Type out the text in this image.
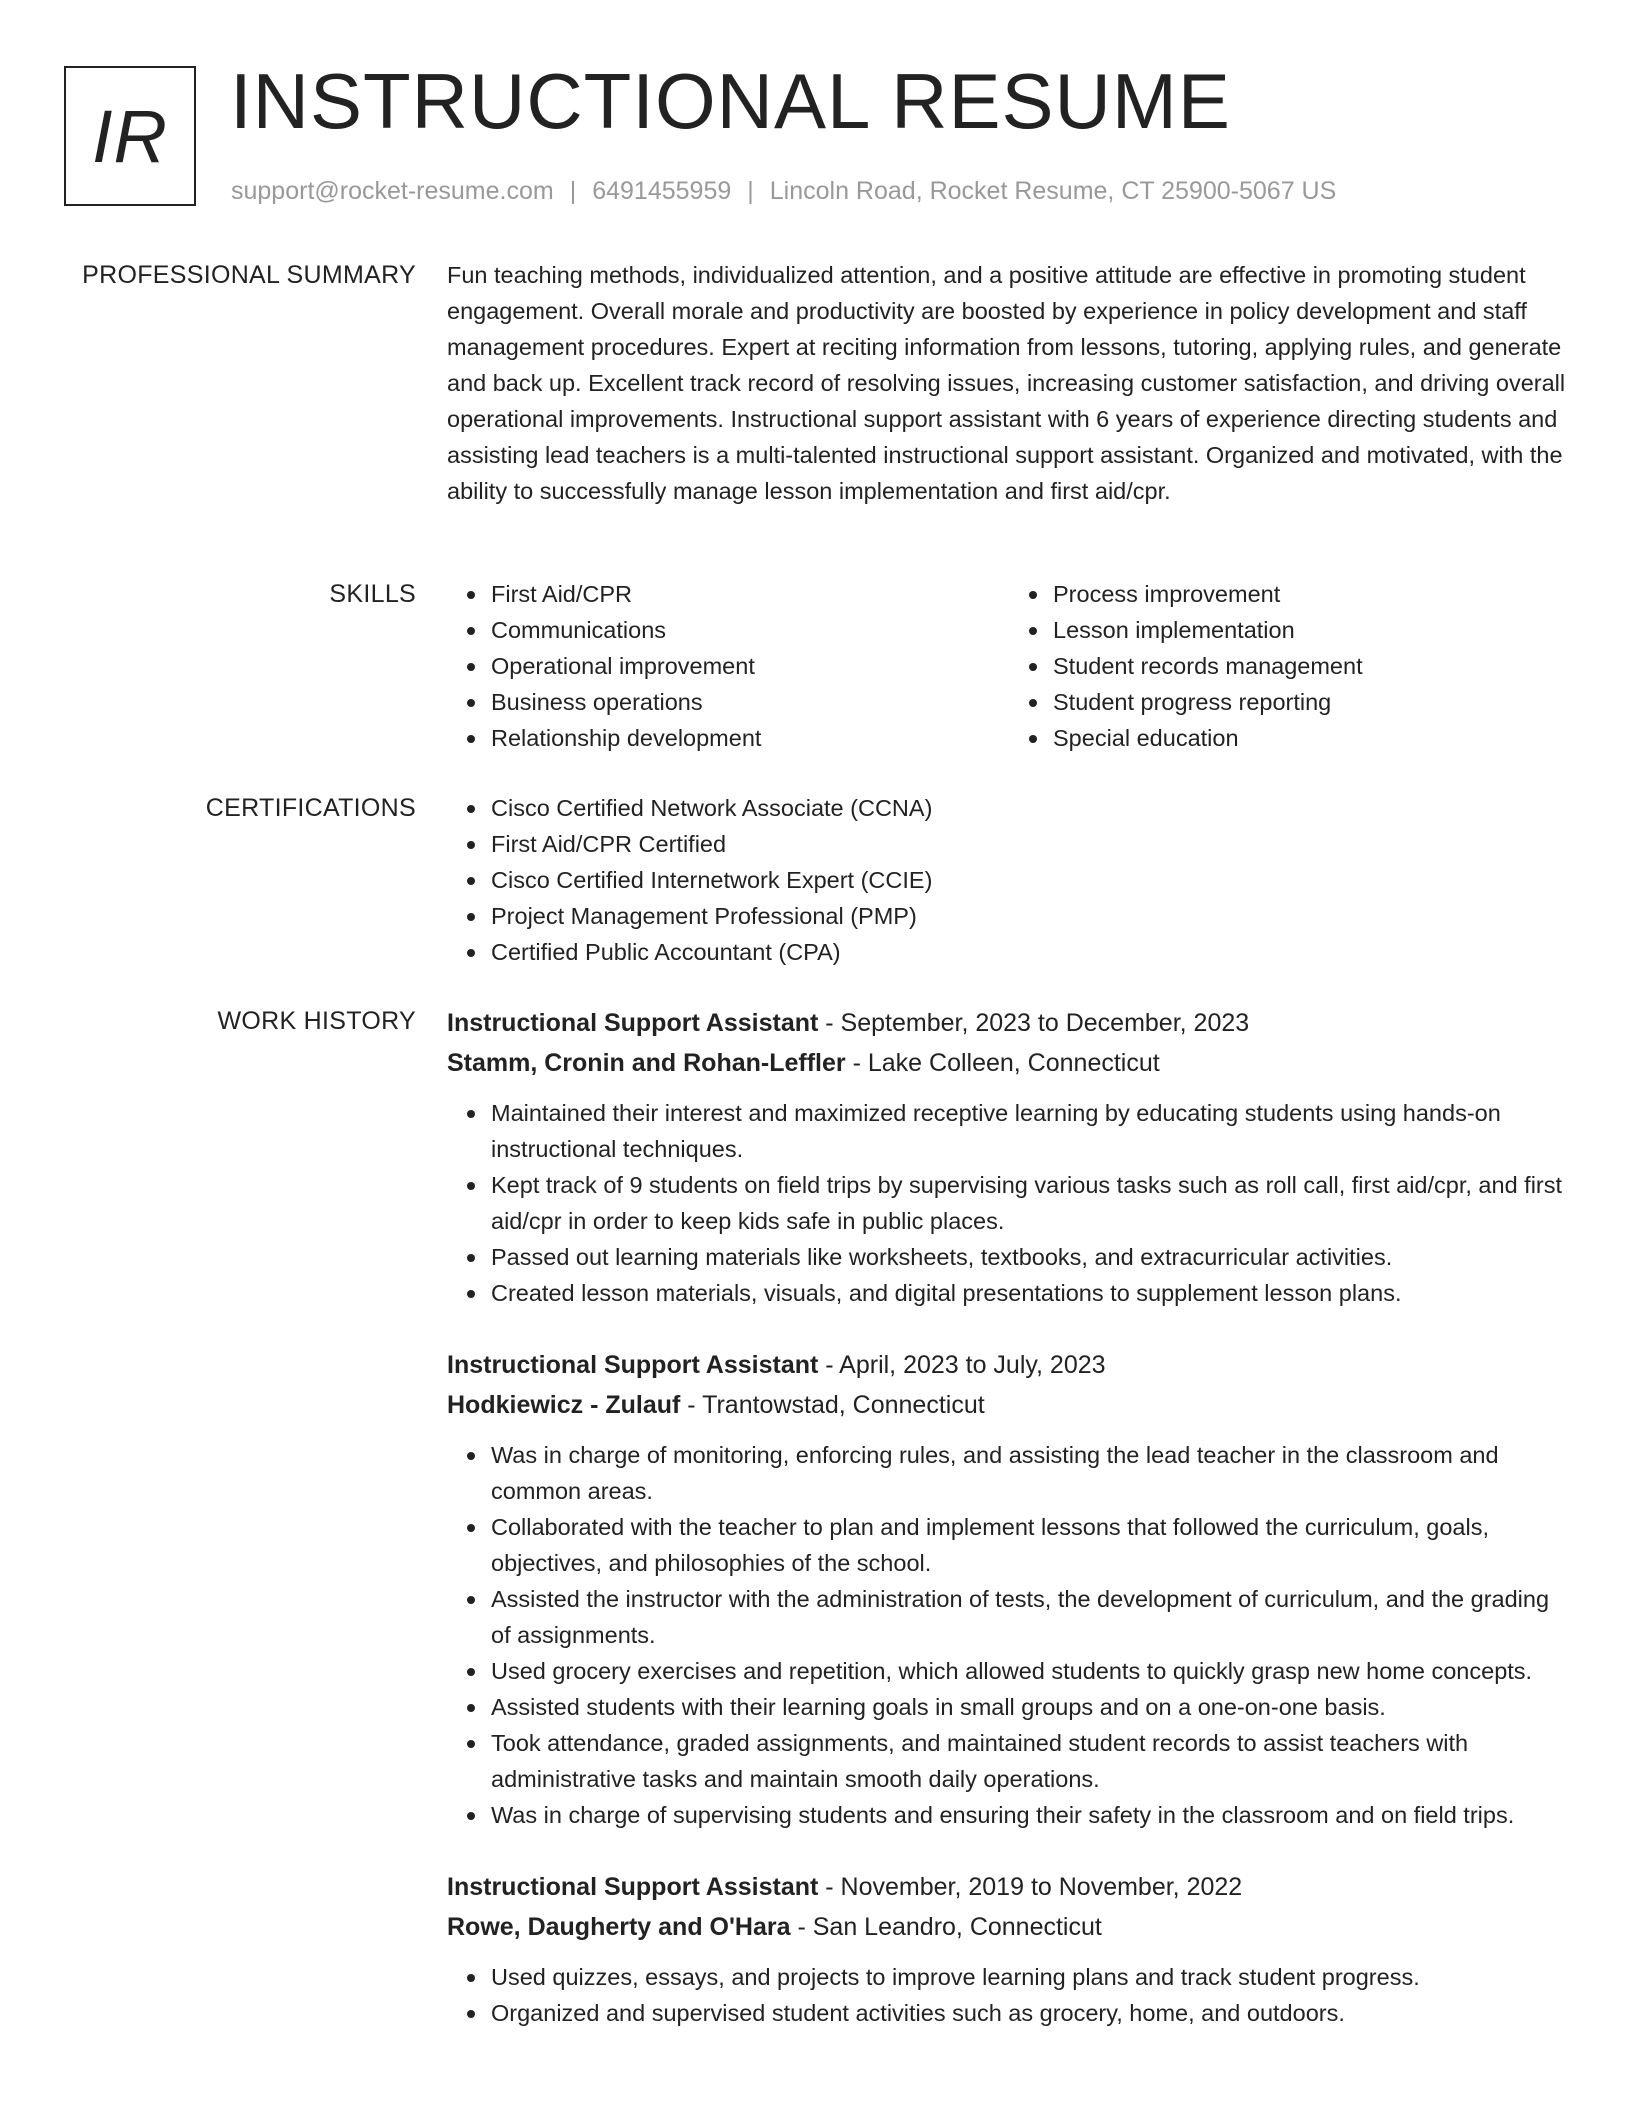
IR INSTRUCTIONAL RESUME
support@rocket-resume.com | 6491455959 | Lincoln Road, Rocket Resume, CT 25900-5067 US
PROFESSIONAL SUMMARY Fun teaching methods, individualized attention, and a positive attitude are effective in promoting student engagement. Overall morale and productivity are boosted by experience in policy development and staff management procedures. Expert at reciting information from lessons, tutoring, applying rules, and generate and back up. Excellent track record of resolving issues, increasing customer satisfaction, and driving overall operational improvements. Instructional support assistant with 6 years of experience directing students and assisting lead teachers is a multi-talented instructional support assistant. Organized and motivated, with the ability to successfully manage lesson implementation and first aid/cpr.

SKILLS	First Aid/CPR
Communications
Operational improvement
Business operations
Relationship development
Process improvement
Lesson implementation
Student records management
Student progress reporting
Special education
CERTIFICATIONS	Cisco Certified Network Associate (CCNA)
First Aid/CPR Certified
Cisco Certified Internetwork Expert (CCIE)
Project Management Professional (PMP)
Certified Public Accountant (CPA)
WORK HISTORY Instructional Support Assistant - September, 2023 to December, 2023
Stamm, Cronin and Rohan-Leffler - Lake Colleen, Connecticut
Maintained their interest and maximized receptive learning by educating students using hands-on instructional techniques.
Kept track of 9 students on field trips by supervising various tasks such as roll call, first aid/cpr, and first aid/cpr in order to keep kids safe in public places.
Passed out learning materials like worksheets, textbooks, and extracurricular activities.
Created lesson materials, visuals, and digital presentations to supplement lesson plans.
Instructional Support Assistant - April, 2023 to July, 2023
Hodkiewicz - Zulauf - Trantowstad, Connecticut
Was in charge of monitoring, enforcing rules, and assisting the lead teacher in the classroom and common areas.
Collaborated with the teacher to plan and implement lessons that followed the curriculum, goals, objectives, and philosophies of the school.
Assisted the instructor with the administration of tests, the development of curriculum, and the grading of assignments.
Used grocery exercises and repetition, which allowed students to quickly grasp new home concepts.
Assisted students with their learning goals in small groups and on a one-on-one basis.
Took attendance, graded assignments, and maintained student records to assist teachers with administrative tasks and maintain smooth daily operations.
Was in charge of supervising students and ensuring their safety in the classroom and on field trips.
Instructional Support Assistant - November, 2019 to November, 2022
Rowe, Daugherty and O'Hara - San Leandro, Connecticut
Used quizzes, essays, and projects to improve learning plans and track student progress.
Organized and supervised student activities such as grocery, home, and outdoors.
